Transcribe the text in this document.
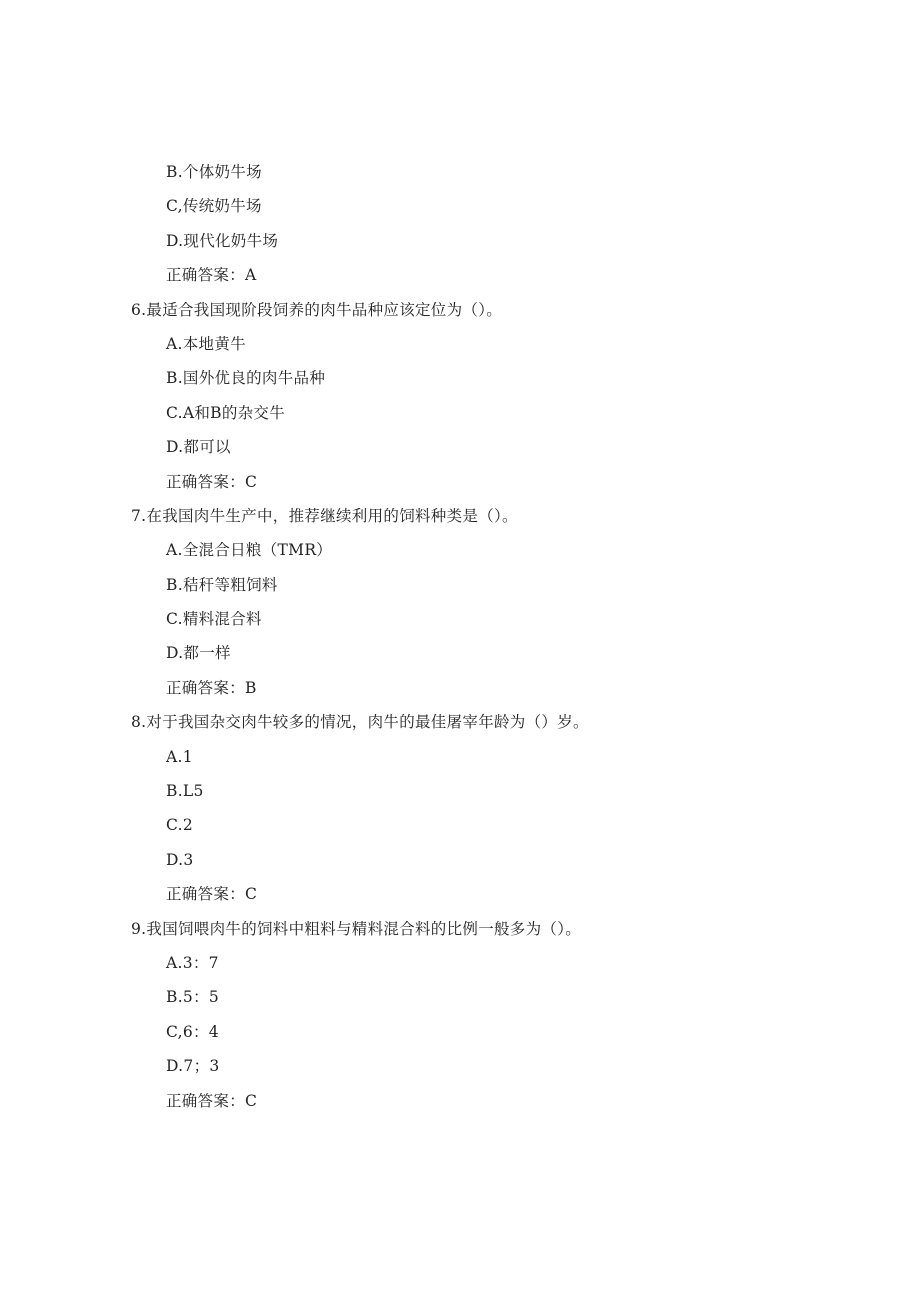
B.个体奶牛场
C,传统奶牛场
D.现代化奶牛场
正确答案：A
6.最适合我国现阶段饲养的肉牛品种应该定位为（）。
A.本地黄牛
B.国外优良的肉牛品种
C.A和B的杂交牛
D.都可以
正确答案：C
7.在我国肉牛生产中，推荐继续利用的饲料种类是（）。
A.全混合日粮（TMR）
B.秸秆等粗饲料
C.精料混合料
D.都一样
正确答案：B
8.对于我国杂交肉牛较多的情况，肉牛的最佳屠宰年龄为（）岁。
A.1
B.L5
C.2
D.3
正确答案：C
9.我国饲喂肉牛的饲料中粗料与精料混合料的比例一般多为（）。
A.3：7
B.5：5
C,6：4
D.7；3
正确答案：C
